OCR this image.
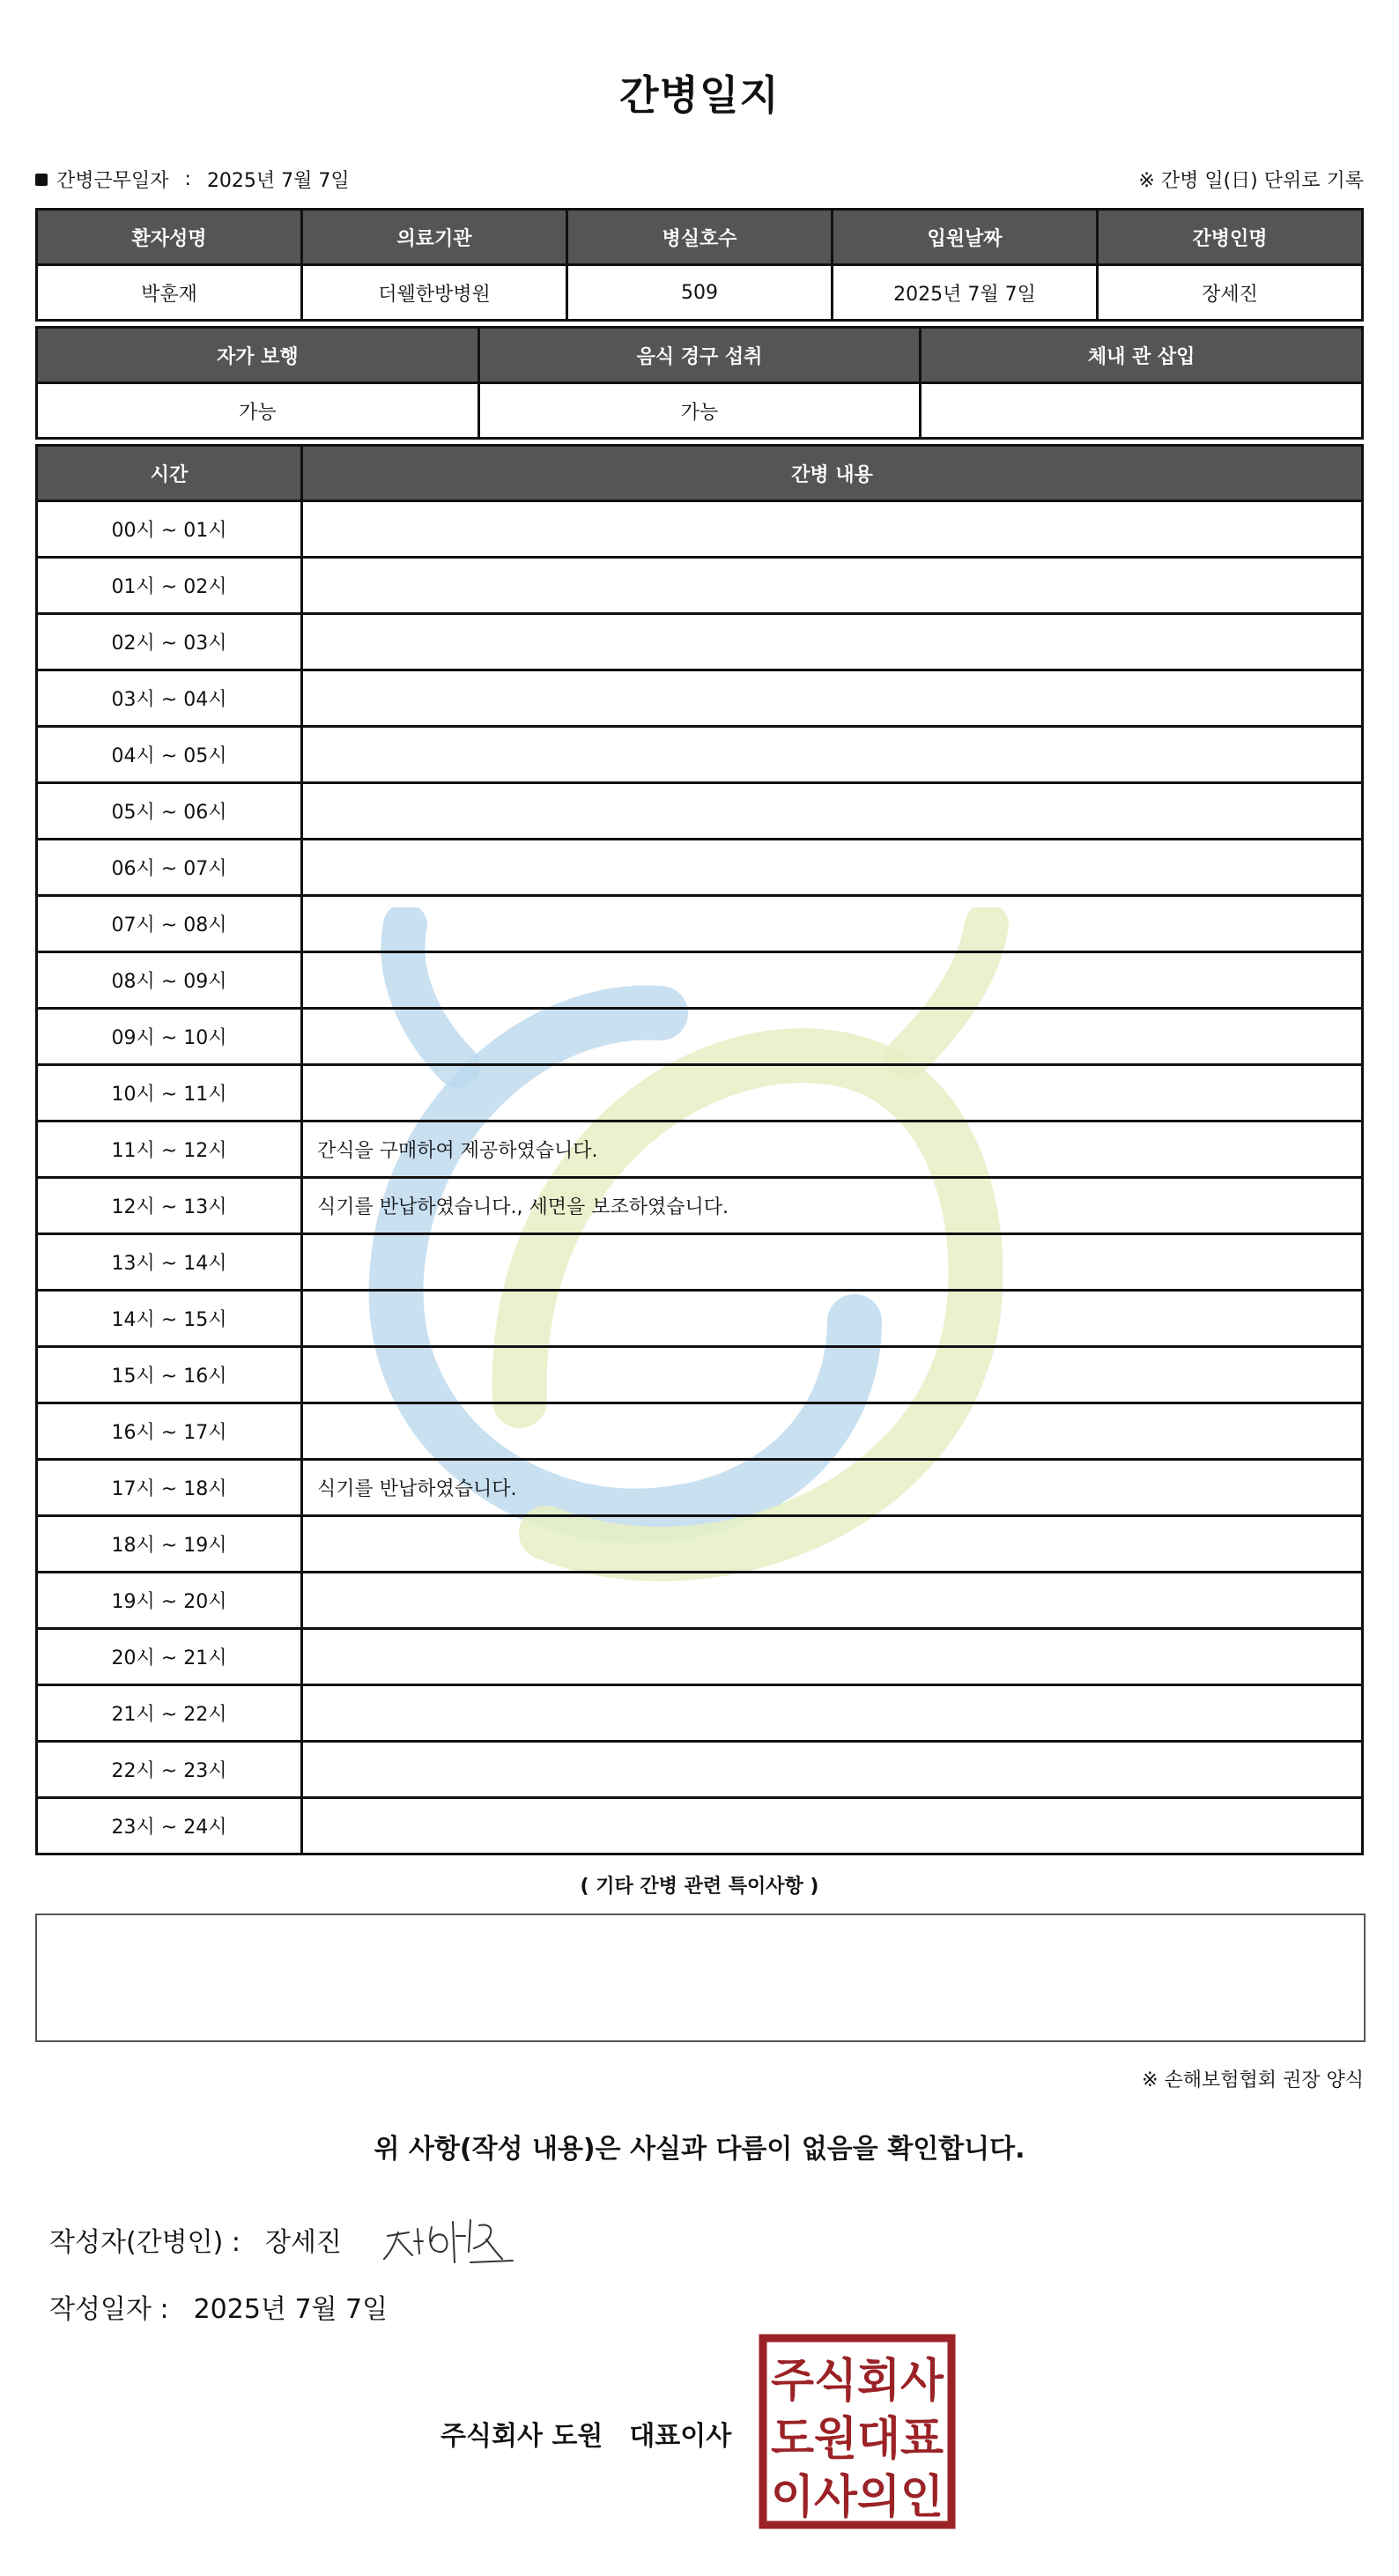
간병일지
간병근무일자 : 2025년 7월 7일	※ 간병 일(日) 단위로 기록
환자성명	의료기관	병실호수	입원날짜	간병인명
박훈재	더웰한방병원	509	2025년 7월 7일	장세진
자가 보행	음식 경구 섭취	체내 관 삽입
가능	가능	
시간	간병 내용
00시 ~ 01시	
01시 ~ 02시	
02시 ~ 03시	
03시 ~ 04시	
04시 ~ 05시	
05시 ~ 06시	
06시 ~ 07시	
07시 ~ 08시	
08시 ~ 09시	
09시 ~ 10시	
10시 ~ 11시	
11시 ~ 12시	간식을 구매하여 제공하였습니다.
12시 ~ 13시	식기를 반납하였습니다., 세면을 보조하였습니다.
13시 ~ 14시	
14시 ~ 15시	
15시 ~ 16시	
16시 ~ 17시	
17시 ~ 18시	식기를 반납하였습니다.
18시 ~ 19시	
19시 ~ 20시	
20시 ~ 21시	
21시 ~ 22시	
22시 ~ 23시	
23시 ~ 24시	
( 기타 간병 관련 특이사항 )
※ 손해보험협회 권장 양식
위 사항(작성 내용)은 사실과 다름이 없음을 확인합니다.
작성자(간병인) : 장세진
작성일자 : 2025년 7월 7일
주식회사 도원 대표이사
주식회사
도원대표
이사의인
